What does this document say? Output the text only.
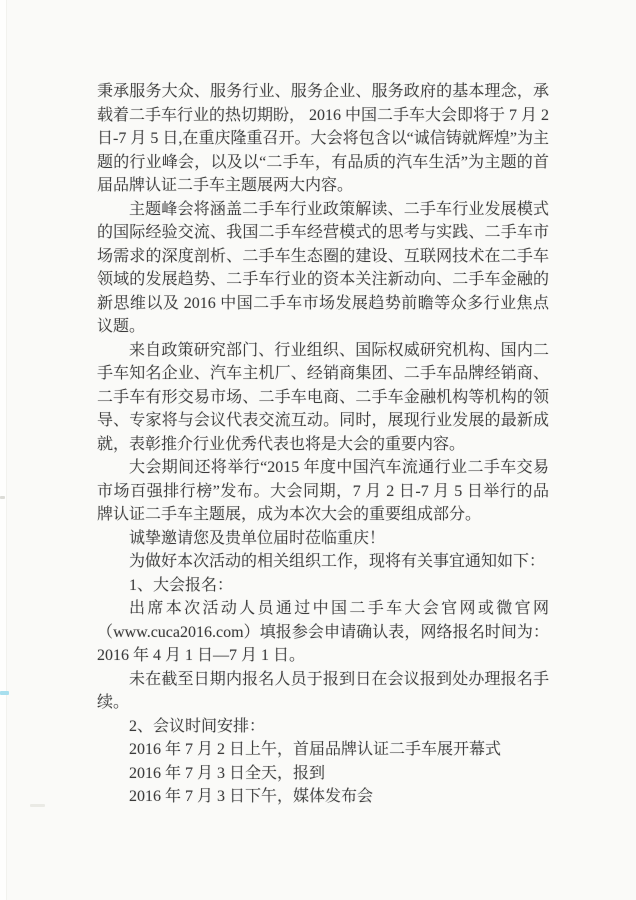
秉承服务大众、服务行业、服务企业、服务政府的基本理念，承载着二手车行业的热切期盼， 2016 中国二手车大会即将于 7 月 2 日-7 月 5 日,在重庆隆重召开。大会将包含以“诚信铸就辉煌”为主题的行业峰会，以及以“二手车，有品质的汽车生活”为主题的首届品牌认证二手车主题展两大内容。

主题峰会将涵盖二手车行业政策解读、二手车行业发展模式的国际经验交流、我国二手车经营模式的思考与实践、二手车市场需求的深度剖析、二手车生态圈的建设、互联网技术在二手车领域的发展趋势、二手车行业的资本关注新动向、二手车金融的新思维以及 2016 中国二手车市场发展趋势前瞻等众多行业焦点议题。

来自政策研究部门、行业组织、国际权威研究机构、国内二手车知名企业、汽车主机厂、经销商集团、二手车品牌经销商、二手车有形交易市场、二手车电商、二手车金融机构等机构的领导、专家将与会议代表交流互动。同时，展现行业发展的最新成就，表彰推介行业优秀代表也将是大会的重要内容。

大会期间还将举行“2015 年度中国汽车流通行业二手车交易市场百强排行榜”发布。大会同期，7 月 2 日-7 月 5 日举行的品牌认证二手车主题展，成为本次大会的重要组成部分。

诚挚邀请您及贵单位届时莅临重庆！

为做好本次活动的相关组织工作，现将有关事宜通知如下：

1、大会报名：

出席本次活动人员通过中国二手车大会官网或微官网（www.cuca2016.com）填报参会申请确认表，网络报名时间为：2016 年 4 月 1 日—7 月 1 日。

未在截至日期内报名人员于报到日在会议报到处办理报名手续。

2、会议时间安排：

2016 年 7 月 2 日上午，首届品牌认证二手车展开幕式

2016 年 7 月 3 日全天，报到

2016 年 7 月 3 日下午，媒体发布会
